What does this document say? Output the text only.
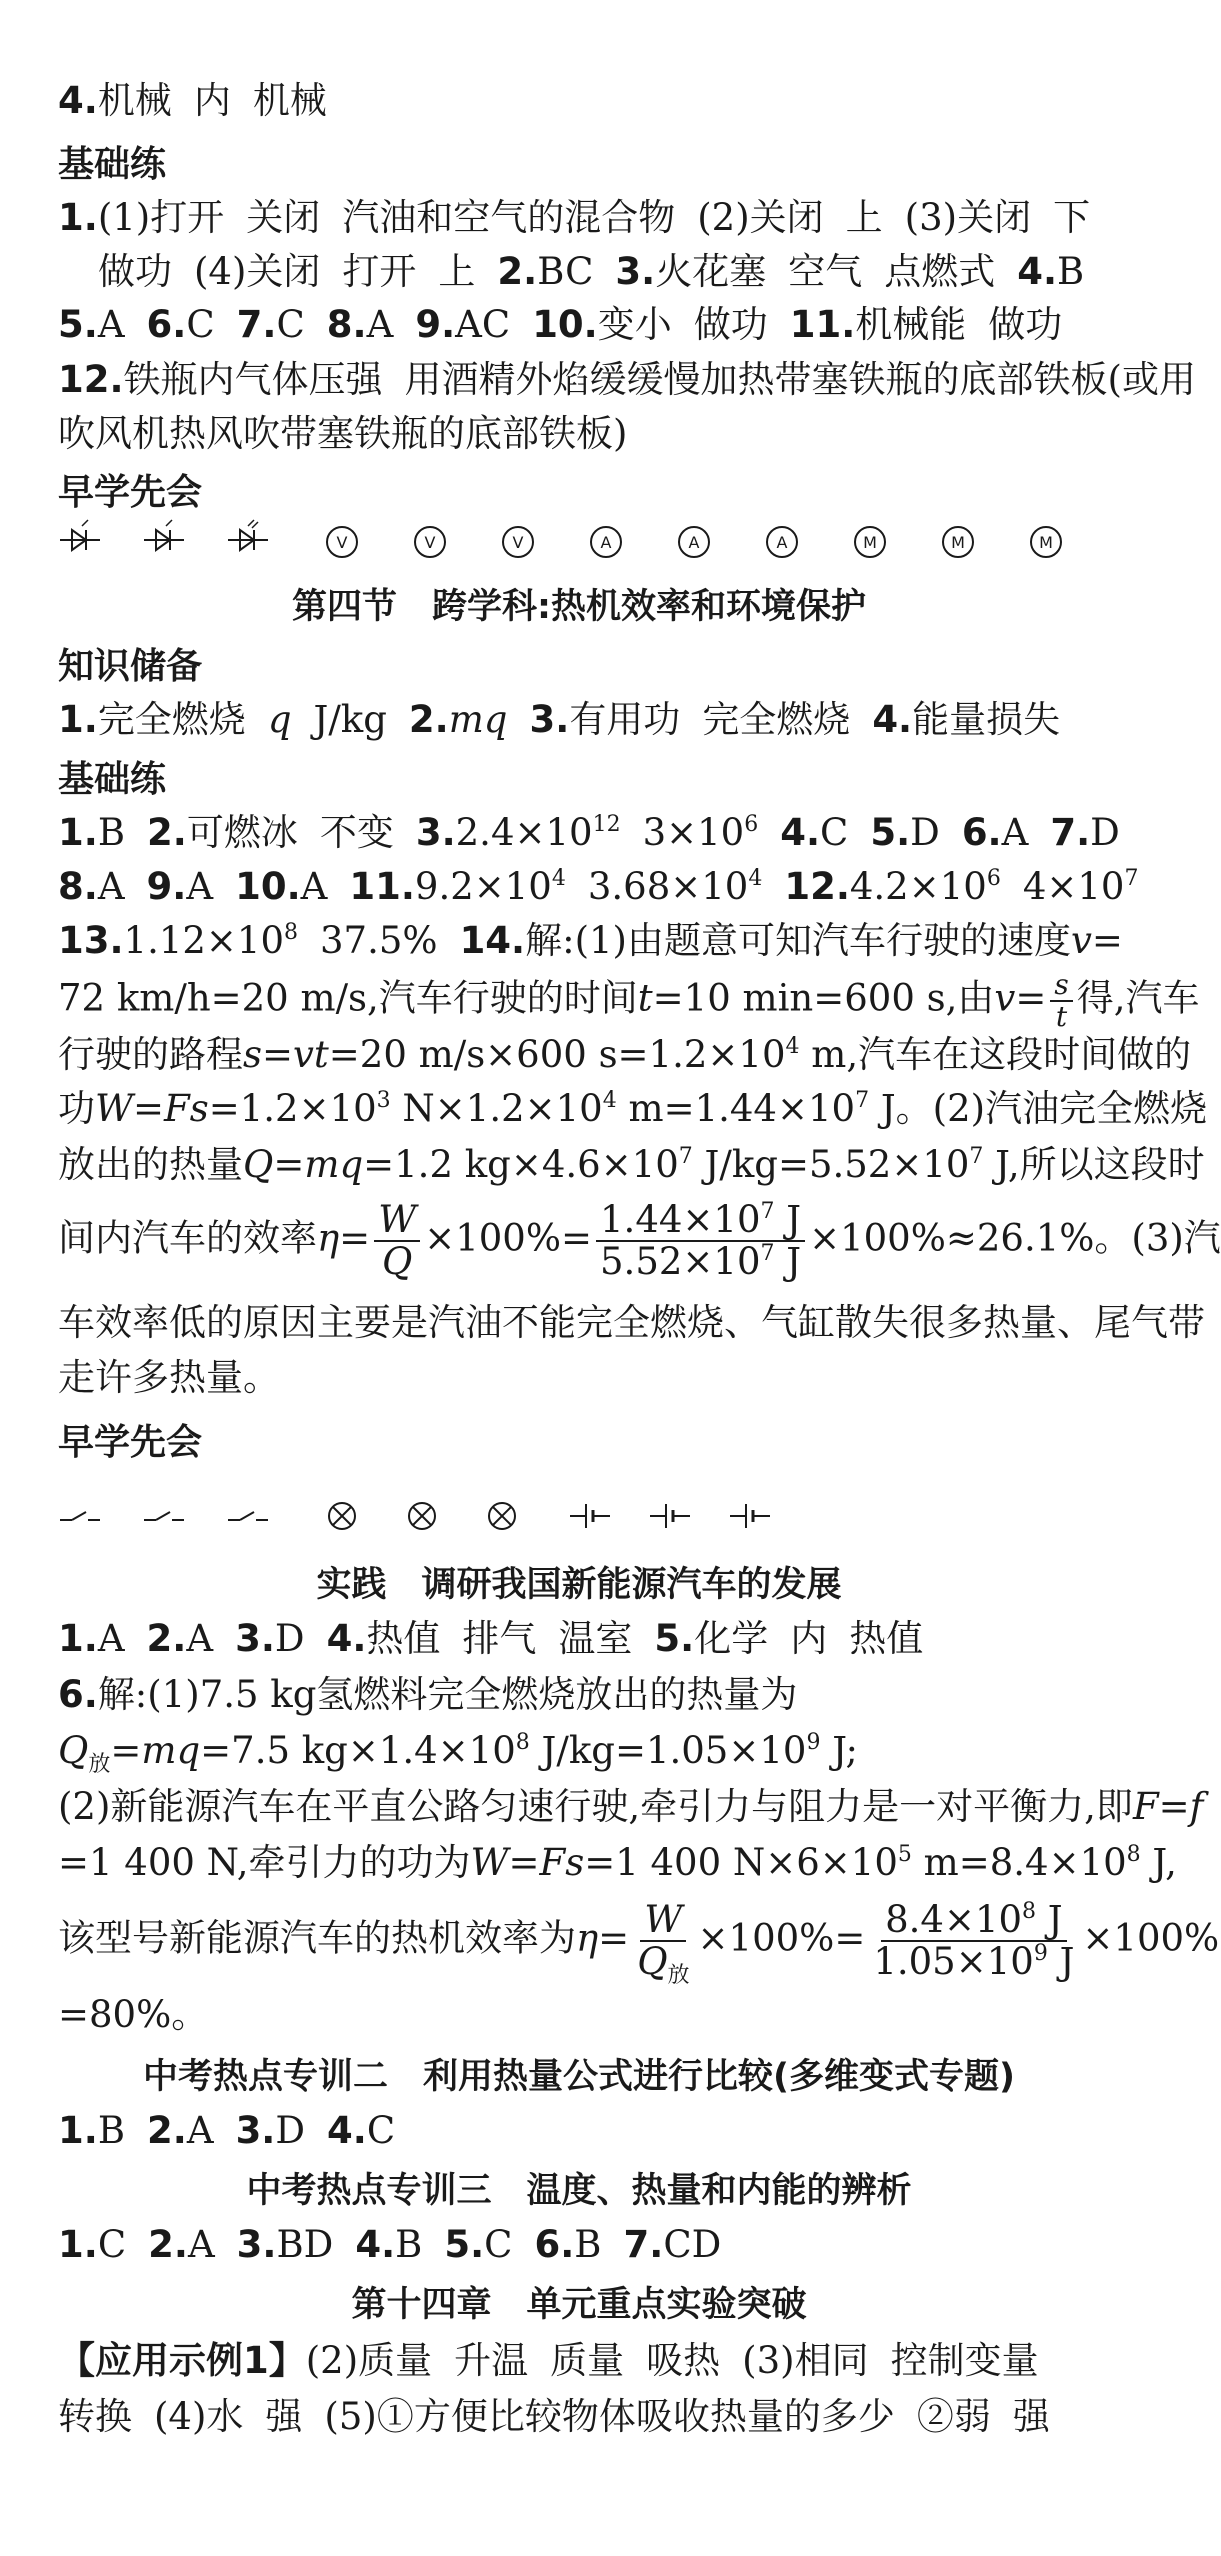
4.机械 内 机械
基础练
1.(1)打开 关闭 汽油和空气的混合物 (2)关闭 上 (3)关闭 下
做功 (4)关闭 打开 上 2.BC 3.火花塞 空气 点燃式 4.B
5.A 6.C 7.C 8.A 9.AC 10.变小 做功 11.机械能 做功
12.铁瓶内气体压强 用酒精外焰缓缓慢加热带塞铁瓶的底部铁板(或用
吹风机热风吹带塞铁瓶的底部铁板)
早学先会
V	V	V	A	A	A	M	M	M
第四节　跨学科:热机效率和环境保护
知识储备
1.完全燃烧 q J/kg 2.mq 3.有用功 完全燃烧 4.能量损失
基础练
1.B 2.可燃冰 不变 $3.2.4\times 10^{12}$ $3\times 10^6$ 4.C 5.D 6.A 7.D
8.A 9.A 10.A $11.9.2\times 10^4$ $3.68\times 10^4$ $12.4.2\times 10^6$ $4\times 10^7$
$13.1.12\times 10^8$ 37.5% 14.解:(1)由题意可知汽车行驶的速度v=
72 km/h=20 m/s,汽车行驶的时间t=10 min=600 s,由$v= \frac{s}{t}$ 得,汽车
行驶的路程s=vt=20 m/s×600 $s=1.2\times 10^4$ m,汽车在这段时间做的
功$W=Fs=1.2\times 10^3$ $N\times 1.2\times 10^4$ $m=1.44\times 10^7$ J。(2)汽油完全燃烧
放出的热量Q=mq=1.2 $kg\times 4.6\times 10^7$ $J/kg=5.52\times 10^7$ J,所以这段时
间内汽车的效率$\eta= \frac{W}{Q} \times 100\%= \frac{1.44\times 10^7 J}{5.52\times 10^7 J} \times 100\%\approx 26.1\%$。(3)汽
车效率低的原因主要是汽油不能完全燃烧、气缸散失很多热量、尾气带
走许多热量。
早学先会
实践　调研我国新能源汽车的发展
1.A 2.A 3.D 4.热值 排气 温室 5.化学 内 热值
6.解:(1)7.5 kg氢燃料完全燃烧放出的热量为
$Q_放=mq=7.5$ $kg\times 1.4\times 10^8$ $J/kg=1.05\times 10^9$ J;
(2)新能源汽车在平直公路匀速行驶,牵引力与阻力是一对平衡力,即F=f
=1 400 N,牵引力的功为W=Fs=1 400 $N\times 6\times 10^5$ $m=8.4\times 10^8$ J,
该型号新能源汽车的热机效率为$\eta= \frac{W}{Q_放} \times 100\%= \frac{8.4\times 10^8 J}{1.05\times 10^9 J} \times 100\%$
=80%。
中考热点专训二　利用热量公式进行比较(多维变式专题)
1.B 2.A 3.D 4.C
中考热点专训三　温度、热量和内能的辨析
1.C 2.A 3.BD 4.B 5.C 6.B 7.CD
第十四章　单元重点实验突破
【应用示例1】(2)质量 升温 质量 吸热 (3)相同 控制变量
转换 (4)水 强 (5)①方便比较物体吸收热量的多少 ②弱 强
